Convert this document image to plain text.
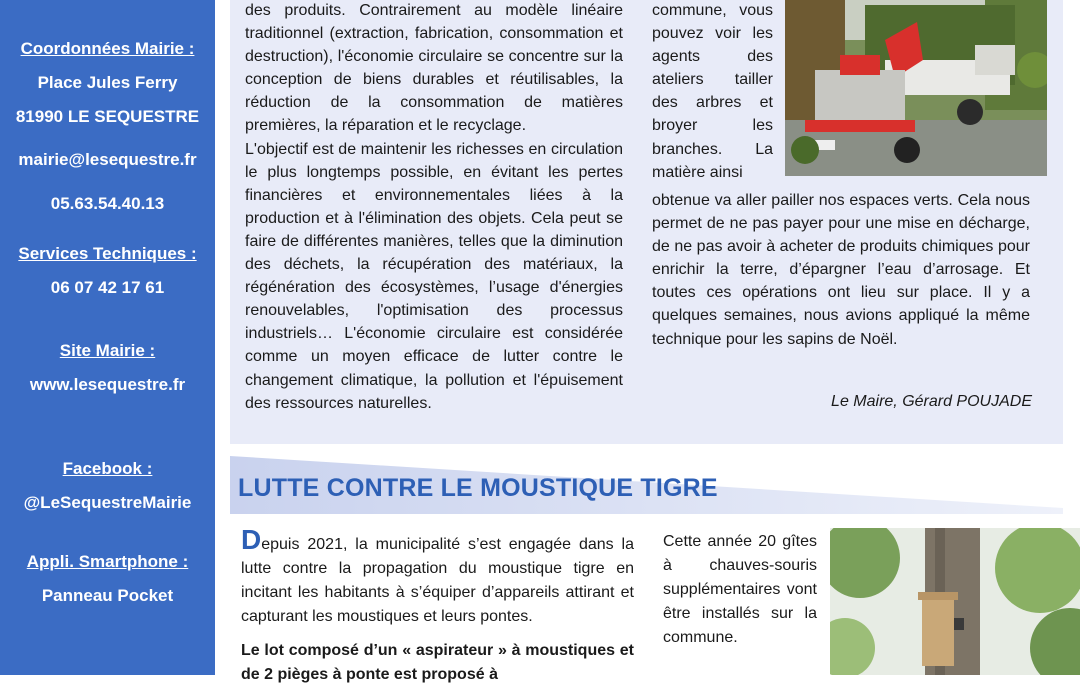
Coordonnées Mairie :
Place Jules Ferry
81990 LE SEQUESTRE
mairie@lesequestre.fr
05.63.54.40.13
Services Techniques :
06 07 42 17 61
Site Mairie :
www.lesequestre.fr
Facebook :
@LeSequestreMairie
Appli. Smartphone :
Panneau Pocket

des produits. Contrairement au modèle linéaire traditionnel (extraction, fabrication, consommation et destruction), l'économie circulaire se concentre sur la conception de biens durables et réutilisables, la réduction de la consommation de matières premières, la réparation et le recyclage.

L'objectif est de maintenir les richesses en circulation le plus longtemps possible, en évitant les pertes financières et environnementales liées à la production et à l'élimination des objets. Cela peut se faire de différentes manières, telles que la diminution des déchets, la récupération des matériaux, la régénération des écosystèmes, l’usage d'énergies renouvelables, l'optimisation des processus industriels… L'économie circulaire est considérée comme un moyen efficace de lutter contre le changement climatique, la pollution et l'épuisement des ressources naturelles.

commune, vous pouvez voir les agents des ateliers tailler des arbres et broyer les branches. La matière ainsi
obtenue va aller pailler nos espaces verts. Cela nous permet de ne pas payer pour une mise en décharge, de ne pas avoir à acheter de produits chimiques pour enrichir la terre, d’épargner l’eau d’arrosage. Et toutes ces opérations ont lieu sur place. Il y a quelques semaines, nous avions appliqué la même technique pour les sapins de Noël.
Le Maire, Gérard POUJADE
LUTTE CONTRE LE MOUSTIQUE TIGRE

Depuis 2021, la municipalité s’est engagée dans la lutte contre la propagation du moustique tigre en incitant les habitants à s’équiper d’appareils attirant et capturant les moustiques et leurs pontes.

Le lot composé d’un « aspirateur » à moustiques et de 2 pièges à ponte est proposé à

Cette année 20 gîtes à chauves-souris supplémentaires vont être installés sur la commune.
